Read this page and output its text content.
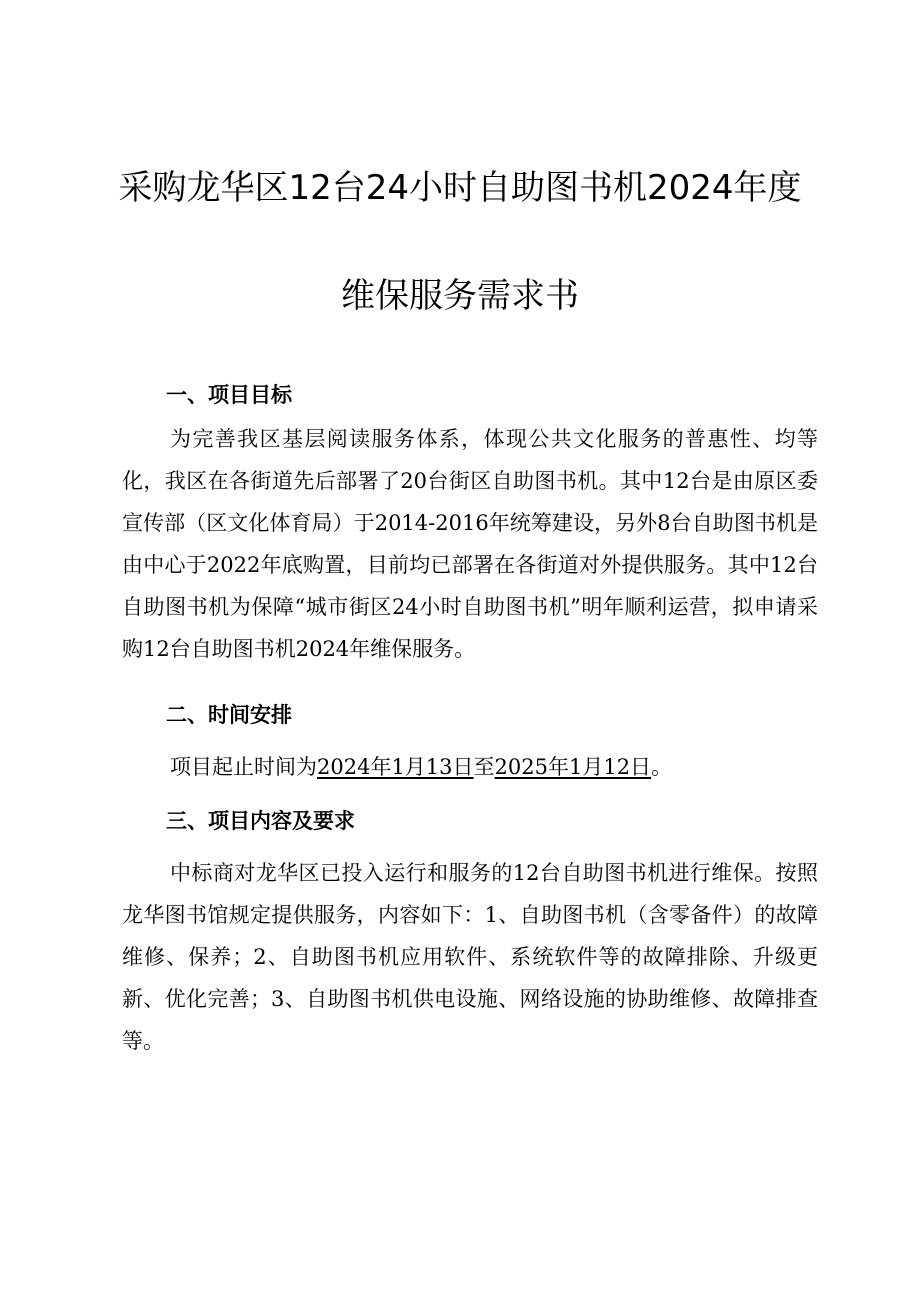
采购龙华区12台24小时自助图书机2024年度
维保服务需求书
一、项目目标

为完善我区基层阅读服务体系，体现公共文化服务的普惠性、均等化，我区在各街道先后部署了20台街区自助图书机。其中12台是由原区委宣传部（区文化体育局）于2014-2016年统筹建设，另外8台自助图书机是由中心于2022年底购置，目前均已部署在各街道对外提供服务。其中12台自助图书机为保障“城市街区24小时自助图书机”明年顺利运营，拟申请采购12台自助图书机2024年维保服务。

二、时间安排

项目起止时间为2024年1月13日至2025年1月12日。

三、项目内容及要求

中标商对龙华区已投入运行和服务的12台自助图书机进行维保。按照龙华图书馆规定提供服务，内容如下：1、自助图书机（含零备件）的故障维修、保养；2、自助图书机应用软件、系统软件等的故障排除、升级更新、优化完善；3、自助图书机供电设施、网络设施的协助维修、故障排查等。
